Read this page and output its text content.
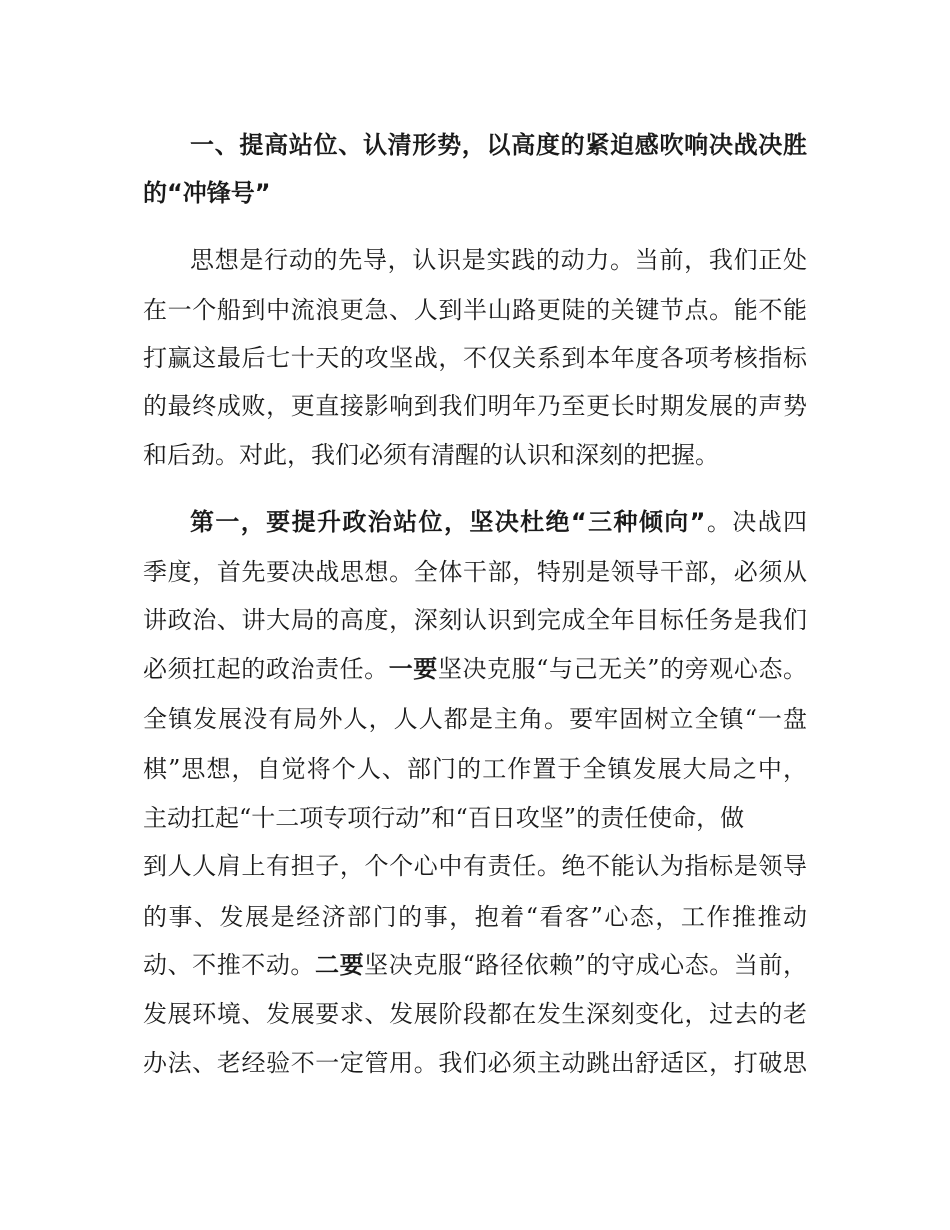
一、提高站位、认清形势，以高度的紧迫感吹响决战决胜
的“冲锋号”
思想是行动的先导，认识是实践的动力。当前，我们正处
在一个船到中流浪更急、人到半山路更陡的关键节点。能不能
打赢这最后七十天的攻坚战，不仅关系到本年度各项考核指标
的最终成败，更直接影响到我们明年乃至更长时期发展的声势
和后劲。对此，我们必须有清醒的认识和深刻的把握。
第一，要提升政治站位，坚决杜绝“三种倾向”。决战四
季度，首先要决战思想。全体干部，特别是领导干部，必须从
讲政治、讲大局的高度，深刻认识到完成全年目标任务是我们
必须扛起的政治责任。一要坚决克服“与己无关”的旁观心态。
全镇发展没有局外人，人人都是主角。要牢固树立全镇“一盘
棋”思想，自觉将个人、部门的工作置于全镇发展大局之中，
主动扛起“十二项专项行动”和“百日攻坚”的责任使命，做
到人人肩上有担子，个个心中有责任。绝不能认为指标是领导
的事、发展是经济部门的事，抱着“看客”心态，工作推推动
动、不推不动。二要坚决克服“路径依赖”的守成心态。当前，
发展环境、发展要求、发展阶段都在发生深刻变化，过去的老
办法、老经验不一定管用。我们必须主动跳出舒适区，打破思
